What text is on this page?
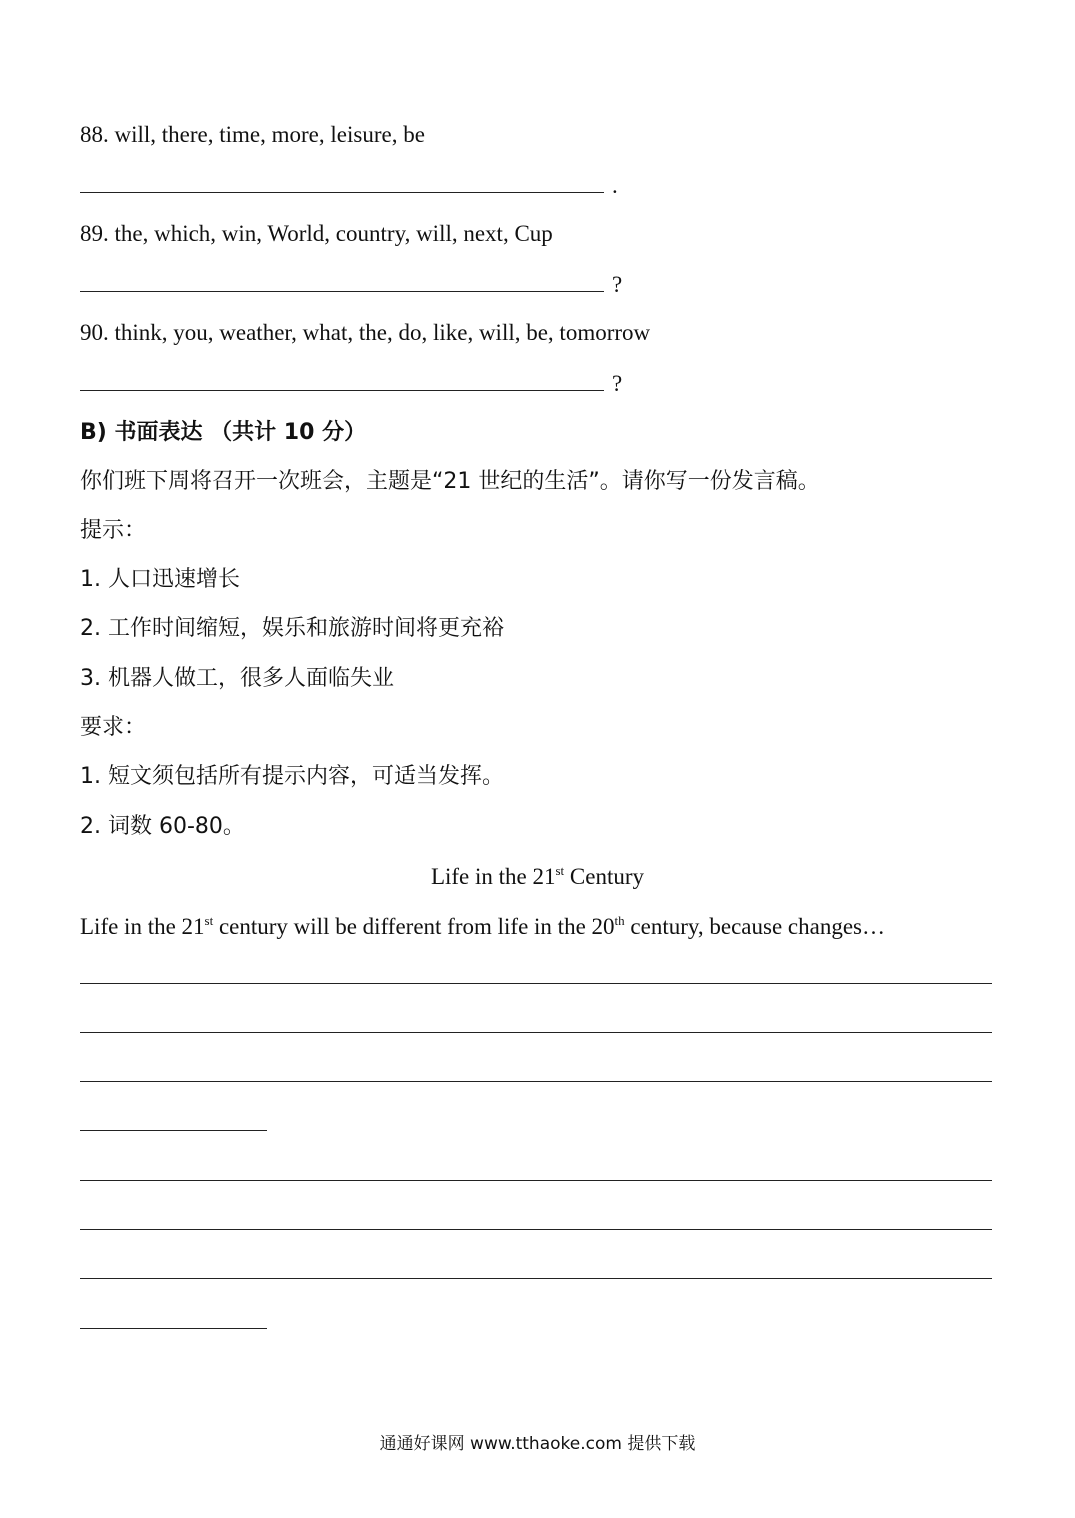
88. will, there, time, more, leisure, be
.
89. the, which, win, World, country, will, next, Cup
?
90. think, you, weather, what, the, do, like, will, be, tomorrow
?
B) 书面表达 （共计 10 分）
你们班下周将召开一次班会，主题是“21 世纪的生活”。请你写一份发言稿。
提示：
1. 人口迅速增长
2. 工作时间缩短，娱乐和旅游时间将更充裕
3. 机器人做工，很多人面临失业
要求：
1. 短文须包括所有提示内容，可适当发挥。
2. 词数 60-80。
Life in the 21st Century
Life in the 21st century will be different from life in the 20th century, because changes…
通通好课网 www.tthaoke.com 提供下载
